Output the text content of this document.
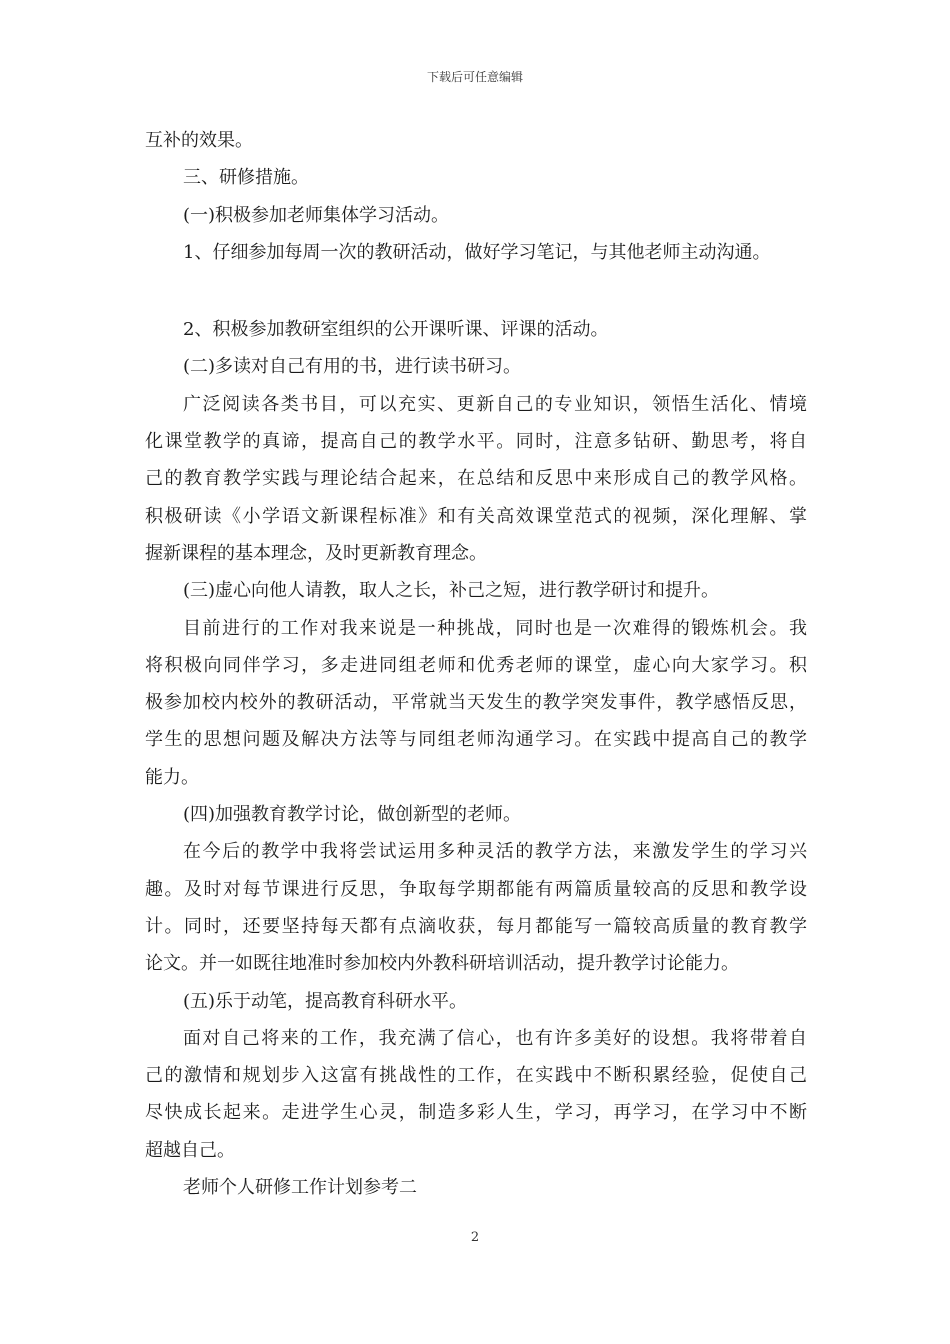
下载后可任意编辑
互补的效果。
三、研修措施。
(一)积极参加老师集体学习活动。
1、仔细参加每周一次的教研活动，做好学习笔记，与其他老师主动沟通。
2、积极参加教研室组织的公开课听课、评课的活动。
(二)多读对自己有用的书，进行读书研习。
广泛阅读各类书目，可以充实、更新自己的专业知识，领悟生活化、情境
化课堂教学的真谛，提高自己的教学水平。同时，注意多钻研、勤思考，将自
己的教育教学实践与理论结合起来，在总结和反思中来形成自己的教学风格。
积极研读《小学语文新课程标准》和有关高效课堂范式的视频，深化理解、掌
握新课程的基本理念，及时更新教育理念。
(三)虚心向他人请教，取人之长，补己之短，进行教学研讨和提升。
目前进行的工作对我来说是一种挑战，同时也是一次难得的锻炼机会。我
将积极向同伴学习，多走进同组老师和优秀老师的课堂，虚心向大家学习。积
极参加校内校外的教研活动，平常就当天发生的教学突发事件，教学感悟反思，
学生的思想问题及解决方法等与同组老师沟通学习。在实践中提高自己的教学
能力。
(四)加强教育教学讨论，做创新型的老师。
在今后的教学中我将尝试运用多种灵活的教学方法，来激发学生的学习兴
趣。及时对每节课进行反思，争取每学期都能有两篇质量较高的反思和教学设
计。同时，还要坚持每天都有点滴收获，每月都能写一篇较高质量的教育教学
论文。并一如既往地准时参加校内外教科研培训活动，提升教学讨论能力。
(五)乐于动笔，提高教育科研水平。
面对自己将来的工作，我充满了信心，也有许多美好的设想。我将带着自
己的激情和规划步入这富有挑战性的工作，在实践中不断积累经验，促使自己
尽快成长起来。走进学生心灵，制造多彩人生，学习，再学习，在学习中不断
超越自己。
老师个人研修工作计划参考二
2
